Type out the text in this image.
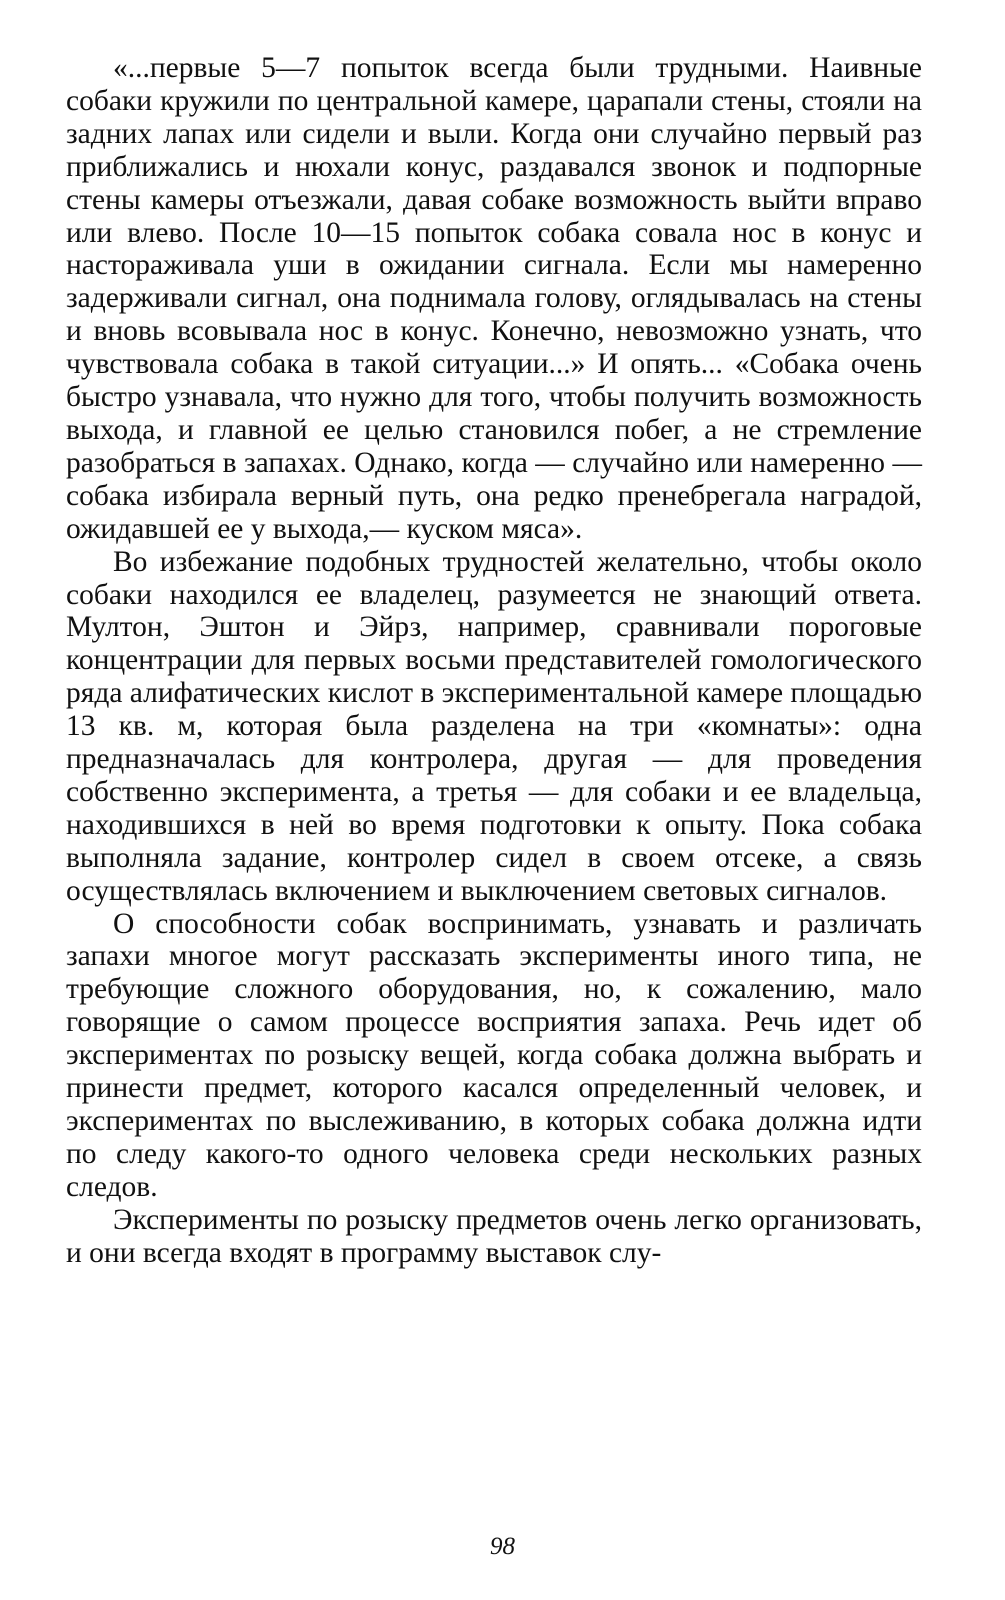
«...первые 5—7 попыток всегда были трудными. Наивные собаки кружили по центральной камере, царапали стены, стояли на задних лапах или сидели и выли. Когда они случайно первый раз приближались и нюхали конус, раздавался звонок и подпорные стены камеры отъезжали, давая собаке возможность выйти вправо или влево. После 10—15 попыток собака совала нос в конус и настораживала уши в ожидании сигнала. Если мы намеренно задерживали сигнал, она поднимала голову, оглядывалась на стены и вновь всовывала нос в конус. Конечно, невозможно узнать, что чувствовала собака в такой ситуации...» И опять... «Собака очень быстро узнавала, что нужно для того, чтобы получить возможность выхода, и главной ее целью становился побег, а не стремление разобраться в запахах. Однако, когда — случайно или намеренно — собака избирала верный путь, она редко пренебрегала наградой, ожидавшей ее у выхода,— куском мяса».

Во избежание подобных трудностей желательно, чтобы около собаки находился ее владелец, разумеется не знающий ответа. Мултон, Эштон и Эйрз, например, сравнивали пороговые концентрации для первых восьми представителей гомологического ряда алифатических кислот в экспериментальной камере площадью 13 кв. м, которая была разделена на три «комнаты»: одна предназначалась для контролера, другая — для проведения собственно эксперимента, а третья — для собаки и ее владельца, находившихся в ней во время подготовки к опыту. Пока собака выполняла задание, контролер сидел в своем отсеке, а связь осуществлялась включением и выключением световых сигналов.

О способности собак воспринимать, узнавать и различать запахи многое могут рассказать эксперименты иного типа, не требующие сложного оборудования, но, к сожалению, мало говорящие о самом процессе восприятия запаха. Речь идет об экспериментах по розыску вещей, когда собака должна выбрать и принести предмет, которого касался определенный человек, и экспериментах по выслеживанию, в которых собака должна идти по следу какого-то одного человека среди нескольких разных следов.

Эксперименты по розыску предметов очень легко организовать, и они всегда входят в программу выставок слу-

98
